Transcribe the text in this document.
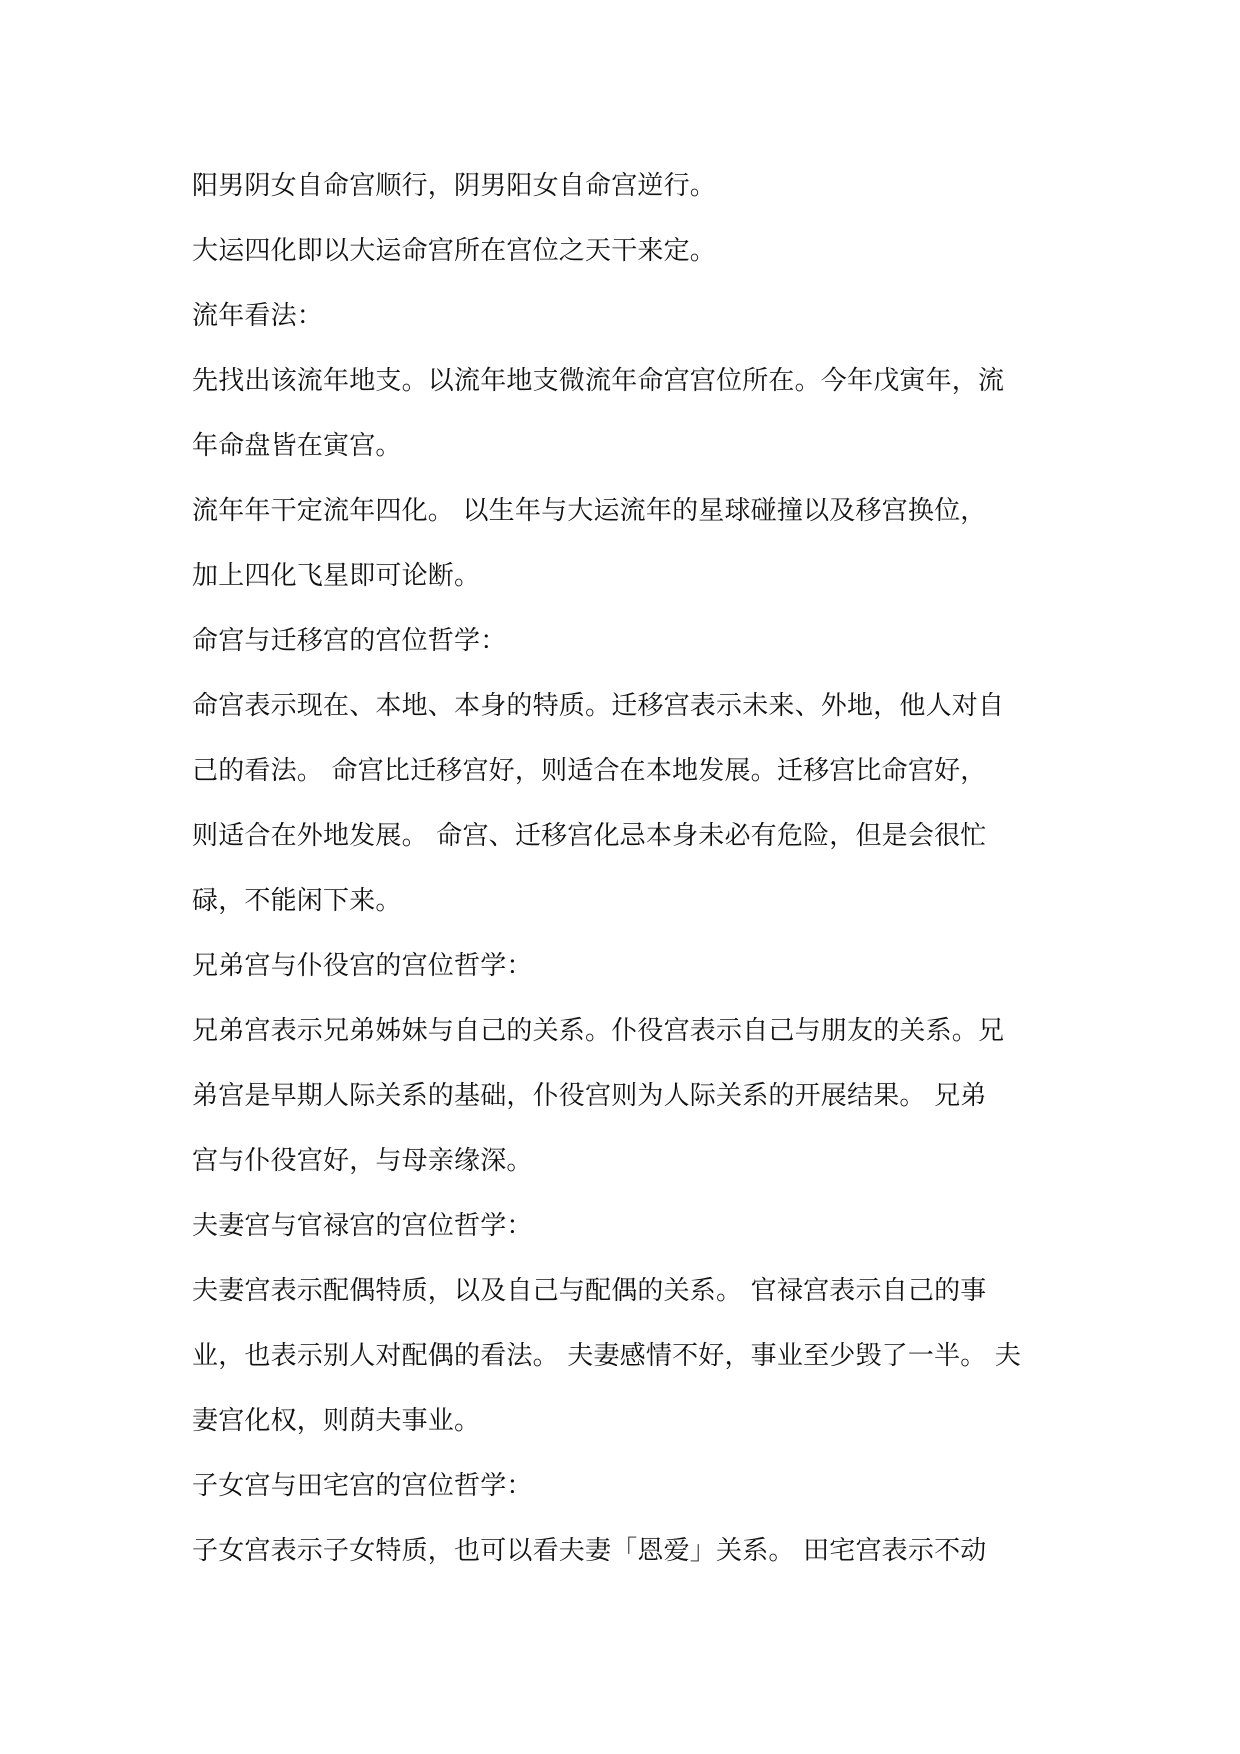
阳男阴女自命宫顺行，阴男阳女自命宫逆行。
大运四化即以大运命宫所在宫位之天干来定。
流年看法：
先找出该流年地支。以流年地支微流年命宫宫位所在。今年戊寅年，流
年命盘皆在寅宫。
流年年干定流年四化。 以生年与大运流年的星球碰撞以及移宫换位，
加上四化飞星即可论断。
命宫与迁移宫的宫位哲学：
命宫表示现在、本地、本身的特质。迁移宫表示未来、外地，他人对自
己的看法。 命宫比迁移宫好，则适合在本地发展。迁移宫比命宫好，
则适合在外地发展。 命宫、迁移宫化忌本身未必有危险，但是会很忙
碌，不能闲下来。
兄弟宫与仆役宫的宫位哲学：
兄弟宫表示兄弟姊妹与自己的关系。仆役宫表示自己与朋友的关系。兄
弟宫是早期人际关系的基础，仆役宫则为人际关系的开展结果。 兄弟
宫与仆役宫好，与母亲缘深。
夫妻宫与官禄宫的宫位哲学：
夫妻宫表示配偶特质，以及自己与配偶的关系。 官禄宫表示自己的事
业，也表示别人对配偶的看法。 夫妻感情不好，事业至少毁了一半。 夫
妻宫化权，则荫夫事业。
子女宫与田宅宫的宫位哲学：
子女宫表示子女特质，也可以看夫妻「恩爱」关系。 田宅宫表示不动
